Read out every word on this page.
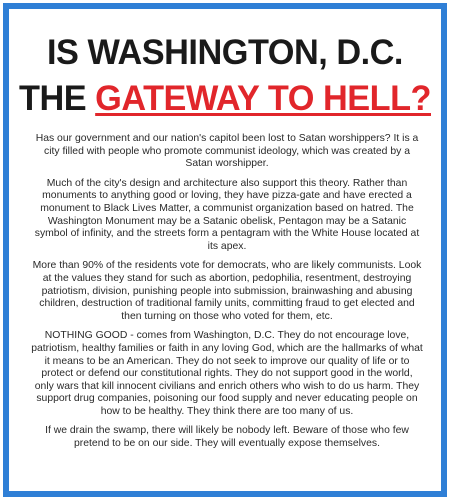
IS WASHINGTON, D.C.
THE GATEWAY TO HELL?

Has our government and our nation's capitol been lost to Satan worshippers? It is a city filled with people who promote communist ideology, which was created by a Satan worshipper.

Much of the city's design and architecture also support this theory. Rather than monuments to anything good or loving, they have pizza-gate and have erected a monument to Black Lives Matter, a communist organization based on hatred. The Washington Monument may be a Satanic obelisk, Pentagon may be a Satanic symbol of infinity, and the streets form a pentagram with the White House located at its apex.

More than 90% of the residents vote for democrats, who are likely communists. Look at the values they stand for such as abortion, pedophilia, resentment, destroying patriotism, division, punishing people into submission, brainwashing and abusing children, destruction of traditional family units, committing fraud to get elected and then turning on those who voted for them, etc.

NOTHING GOOD - comes from Washington, D.C. They do not encourage love, patriotism, healthy families or faith in any loving God, which are the hallmarks of what it means to be an American. They do not seek to improve our quality of life or to protect or defend our constitutional rights. They do not support good in the world, only wars that kill innocent civilians and enrich others who wish to do us harm. They support drug companies, poisoning our food supply and never educating people on how to be healthy. They think there are too many of us.

If we drain the swamp, there will likely be nobody left. Beware of those who few pretend to be on our side. They will eventually expose themselves.
